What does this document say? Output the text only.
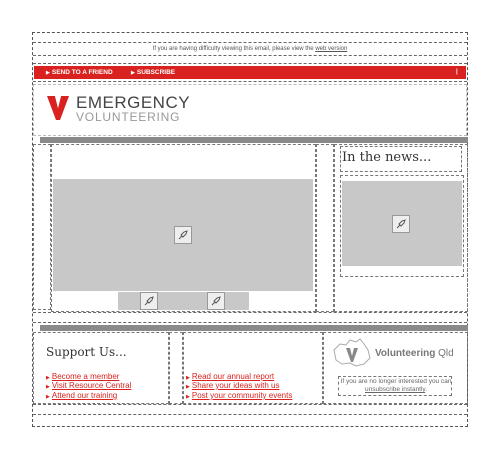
If you are having difficulty viewing this email, please view the web version
▶ SEND TO A FRIEND	▶ SUBSCRIBE	|
EMERGENCY
VOLUNTEERING
In the news...
Support Us...
▶ Become a member
▶ Visit Resource Central
▶ Attend our training
▶ Read our annual report
▶ Share your ideas with us
▶ Post your community events
Volunteering Qld
If you are no longer interested you can unsubscribe instantly.
